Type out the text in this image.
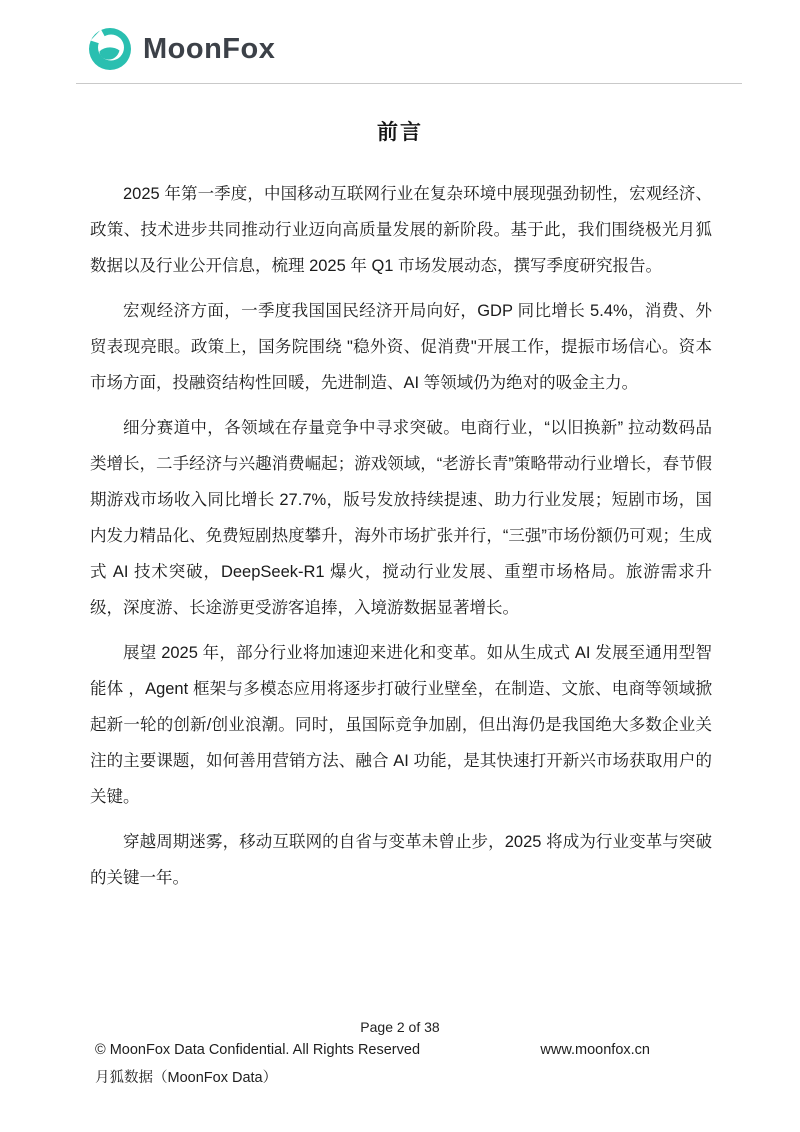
MoonFox
前言

2025 年第一季度，中国移动互联网行业在复杂环境中展现强劲韧性，宏观经济、政策、技术进步共同推动行业迈向高质量发展的新阶段。基于此，我们围绕极光月狐数据以及行业公开信息，梳理 2025 年 Q1 市场发展动态，撰写季度研究报告。

宏观经济方面，一季度我国国民经济开局向好，GDP 同比增长 5.4%，消费、外贸表现亮眼。政策上，国务院围绕 "稳外资、促消费"开展工作，提振市场信心。资本市场方面，投融资结构性回暖，先进制造、AI 等领域仍为绝对的吸金主力。

细分赛道中，各领域在存量竞争中寻求突破。电商行业，“以旧换新” 拉动数码品类增长，二手经济与兴趣消费崛起；游戏领域，“老游长青”策略带动行业增长，春节假期游戏市场收入同比增长 27.7%，版号发放持续提速、助力行业发展；短剧市场，国内发力精品化、免费短剧热度攀升，海外市场扩张并行，“三强”市场份额仍可观；生成式 AI 技术突破，DeepSeek-R1 爆火，搅动行业发展、重塑市场格局。旅游需求升级，深度游、长途游更受游客追捧，入境游数据显著增长。

展望 2025 年，部分行业将加速迎来进化和变革。如从生成式 AI 发展至通用型智能体 ，Agent 框架与多模态应用将逐步打破行业壁垒，在制造、文旅、电商等领域掀起新一轮的创新/创业浪潮。同时，虽国际竞争加剧，但出海仍是我国绝大多数企业关注的主要课题，如何善用营销方法、融合 AI 功能，是其快速打开新兴市场获取用户的关键。

穿越周期迷雾，移动互联网的自省与变革未曾止步，2025 将成为行业变革与突破的关键一年。

Page 2 of 38
© MoonFox Data Confidential. All Rights Reserved	www.moonfox.cn
月狐数据（MoonFox Data）
